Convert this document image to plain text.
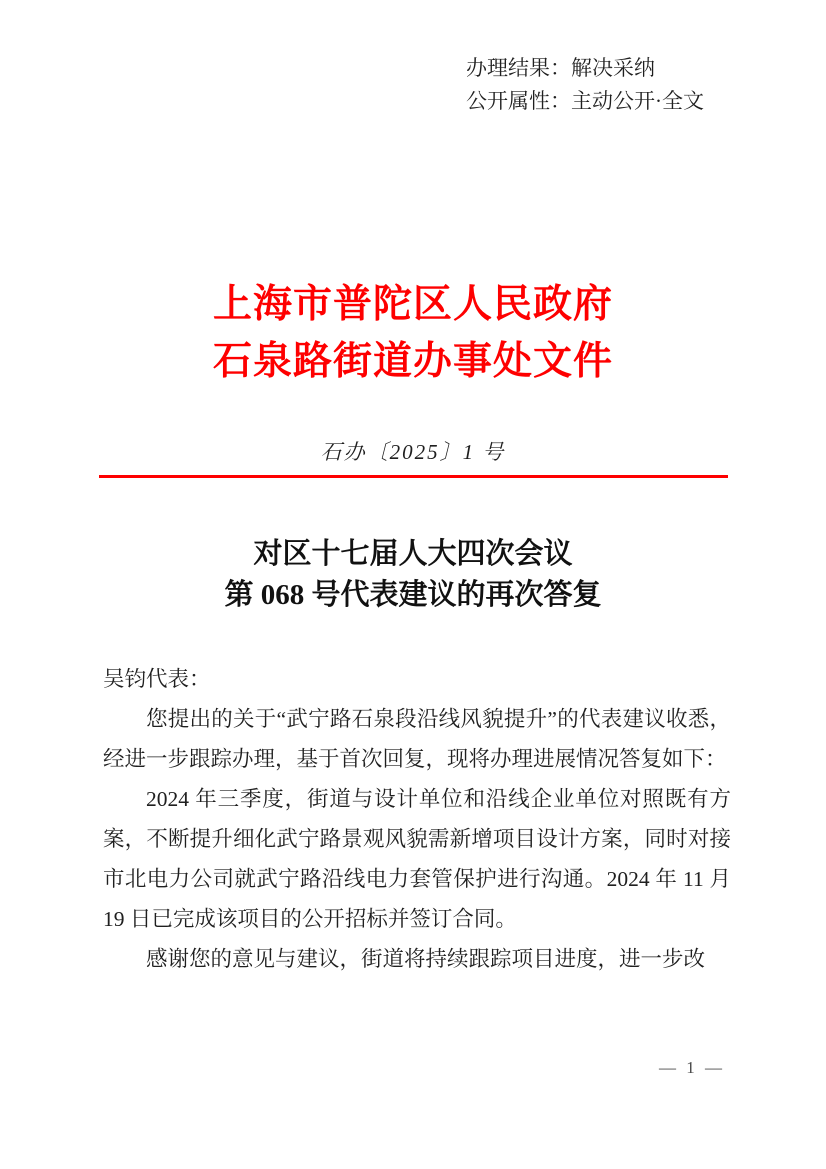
办理结果：解决采纳
公开属性：主动公开·全文
上海市普陀区人民政府
石泉路街道办事处文件
石办〔2025〕1 号
对区十七届人大四次会议
第 068 号代表建议的再次答复

吴钧代表：

您提出的关于“武宁路石泉段沿线风貌提升”的代表建议收悉，经进一步跟踪办理，基于首次回复，现将办理进展情况答复如下：

2024 年三季度，街道与设计单位和沿线企业单位对照既有方案，不断提升细化武宁路景观风貌需新增项目设计方案，同时对接市北电力公司就武宁路沿线电力套管保护进行沟通。2024 年 11 月 19 日已完成该项目的公开招标并签订合同。

感谢您的意见与建议，街道将持续跟踪项目进度，进一步改

— 1 —
